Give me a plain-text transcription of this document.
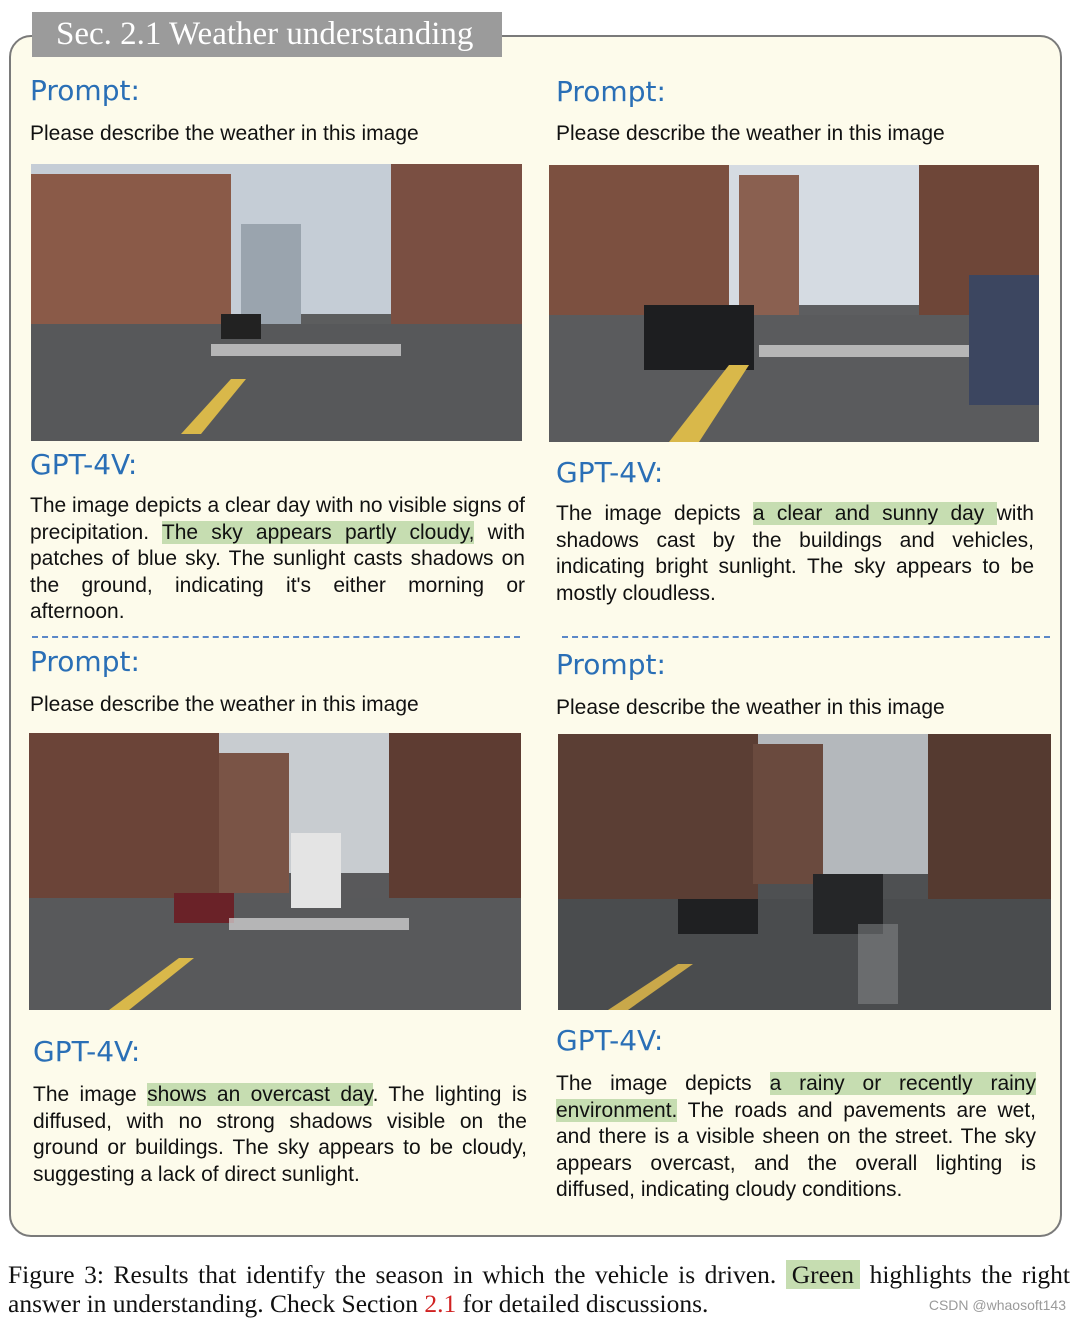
Sec. 2.1 Weather understanding
Prompt:
Please describe the weather in this image
GPT-4V:
The image depicts a clear day with no visible signs of precipitation. The sky appears partly cloudy, with patches of blue sky. The sunlight casts shadows on the ground, indicating it's either morning or afternoon.
Prompt:
Please describe the weather in this image
GPT-4V:
The image depicts a clear and sunny day with shadows cast by the buildings and vehicles, indicating bright sunlight. The sky appears to be mostly cloudless.
Prompt:
Please describe the weather in this image
GPT-4V:
The image shows an overcast day. The lighting is diffused, with no strong shadows visible on the ground or buildings. The sky appears to be cloudy, suggesting a lack of direct sunlight.
Prompt:
Please describe the weather in this image
GPT-4V:
The image depicts a rainy or recently rainy environment. The roads and pavements are wet, and there is a visible sheen on the street. The sky appears overcast, and the overall lighting is diffused, indicating cloudy conditions.
Figure 3: Results that identify the season in which the vehicle is driven. Green highlights the right answer in understanding. Check Section 2.1 for detailed discussions.	CSDN @whaosoft143
